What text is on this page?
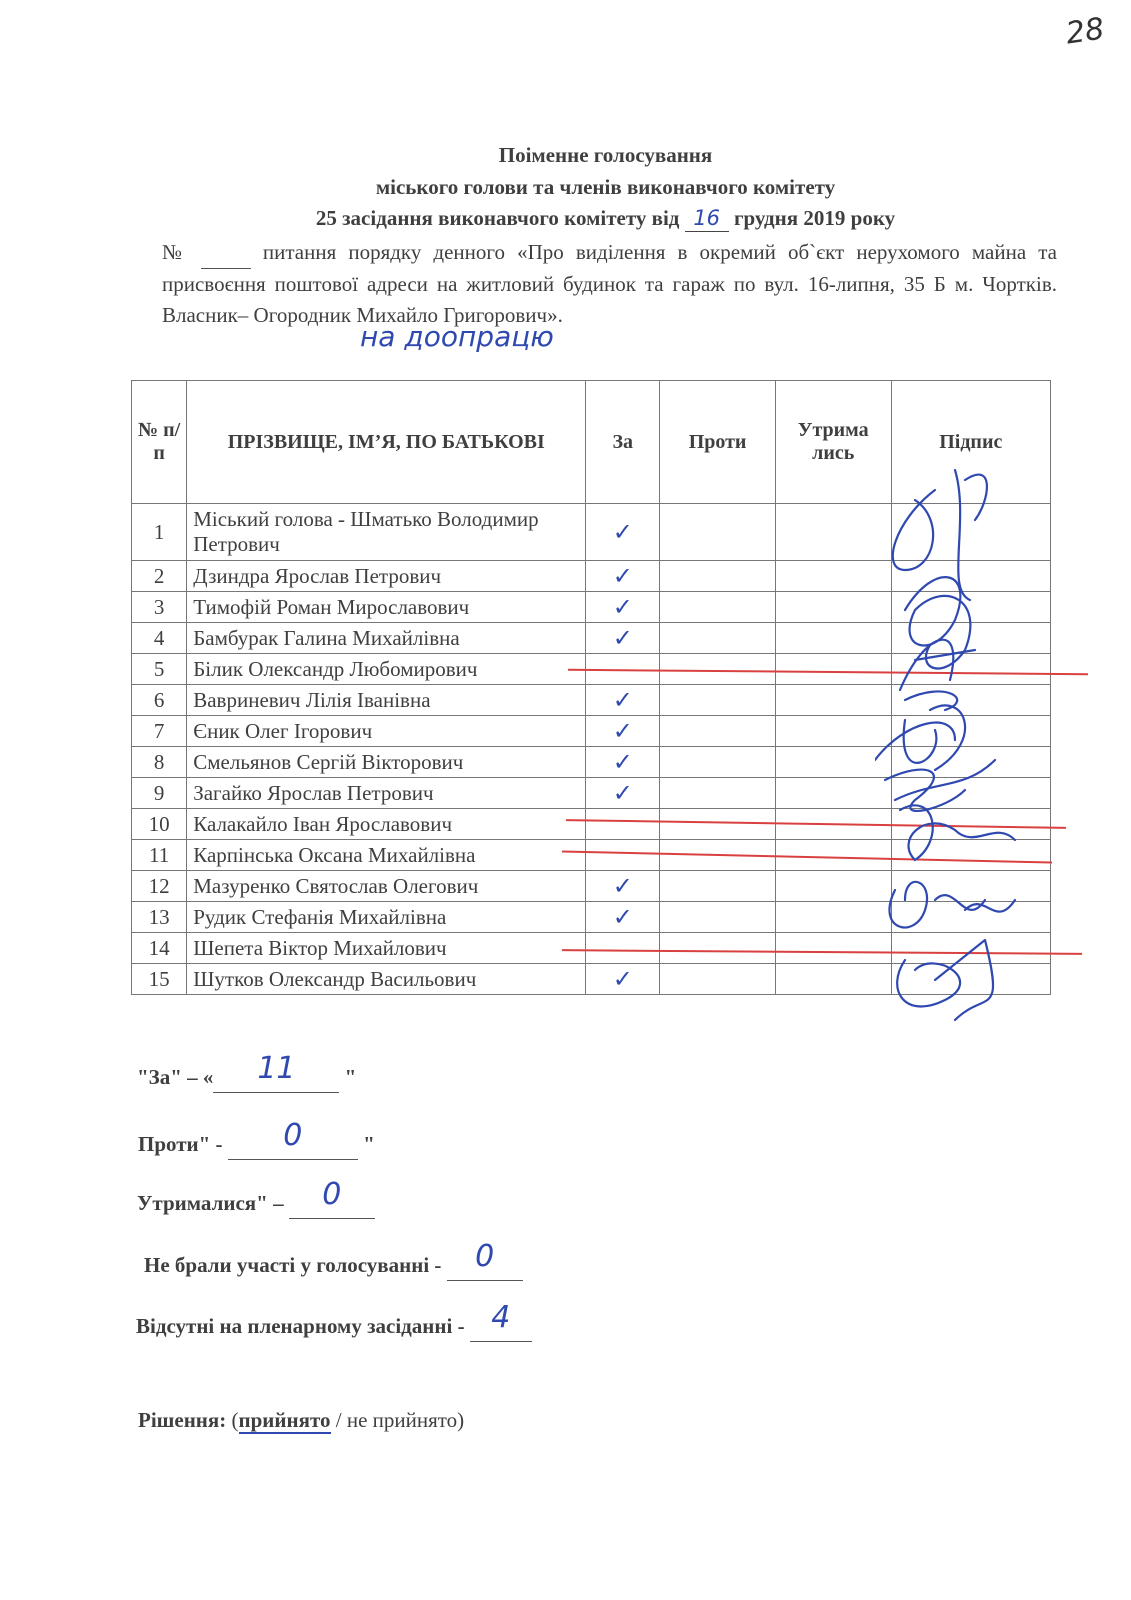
28
Поіменне голосування
міського голови та членів виконавчого комітету
25 засідання виконавчого комітету від 16 грудня 2019 року
№	питання порядку денного «Про виділення в окремий об`єкт нерухомого майна та присвоєння поштової адреси на житловий будинок та гараж по вул. 16-липня, 35 Б м. Чортків. Власник– Огородник Михайло Григорович».
на доопрацю
№ п/п	ПРІЗВИЩЕ, ІМ’Я, ПО БАТЬКОВІ	За	Проти	Утрима лись	Підпис
1	Міський голова - Шматько Володимир Петрович	✓			
2	Дзиндра Ярослав Петрович	✓			
3	Тимофій Роман Мирославович	✓			
4	Бамбурак Галина Михайлівна	✓			
5	Білик Олександр Любомирович				
6	Вавриневич Лілія Іванівна	✓			
7	Єник Олег Ігорович	✓			
8	Смельянов Сергій Вікторович	✓			
9	Загайко Ярослав Петрович	✓			
10	Калакайло Іван Ярославович				
11	Карпінська Оксана Михайлівна				
12	Мазуренко Святослав Олегович	✓			
13	Рудик Стефанія Михайлівна	✓			
14	Шепета Віктор Михайлович				
15	Шутков Олександр Васильович	✓			
"За" – « 11 "
Проти" - 0	"
Утрималися" – 0
Не брали участі у голосуванні - 0
Відсутні на пленарному засіданні - 4
Рішення: (прийнято / не прийнято)
